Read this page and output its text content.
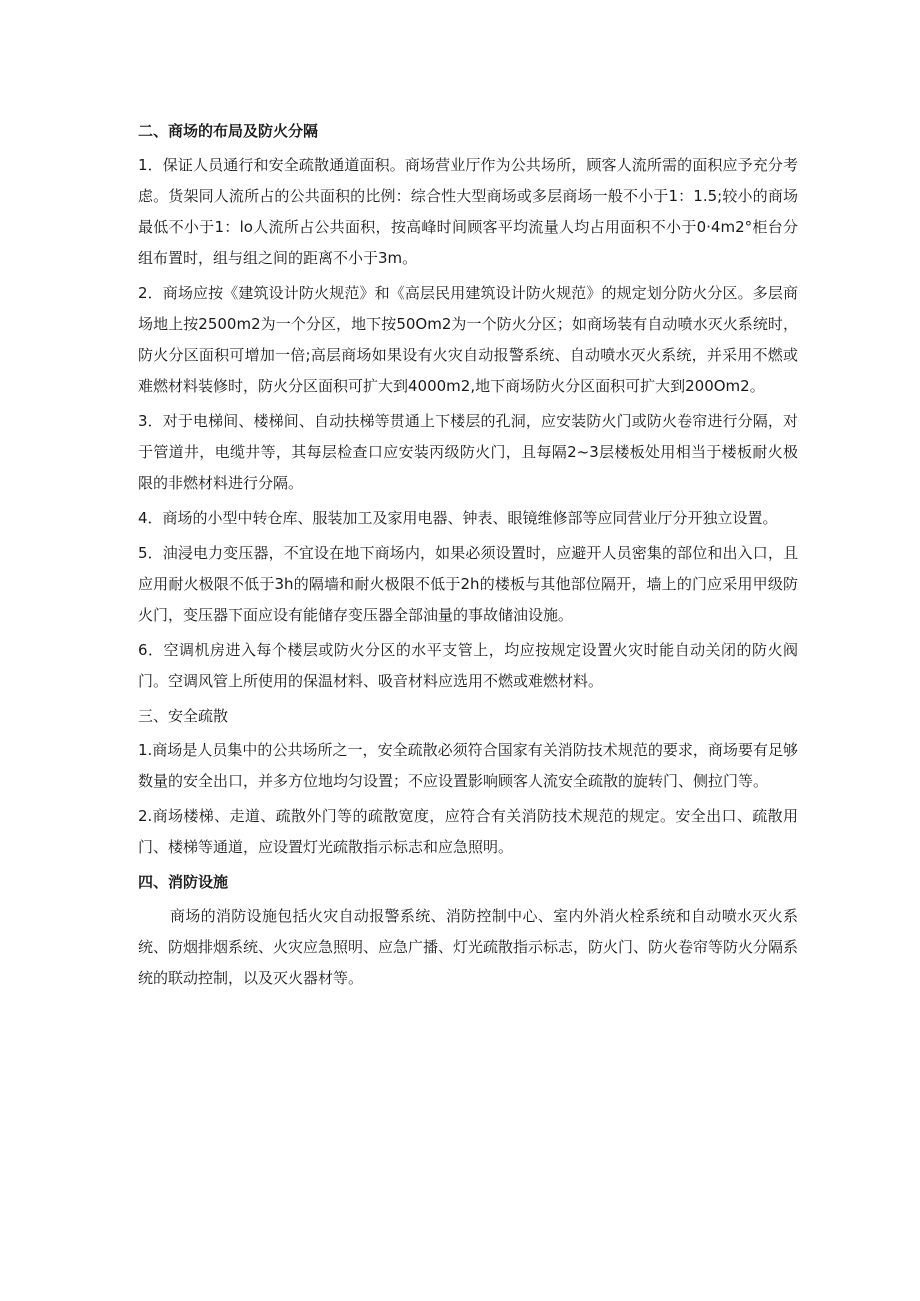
二、商场的布局及防火分隔

1．保证人员通行和安全疏散通道面积。商场营业厅作为公共场所，顾客人流所需的面积应予充分考虑。货架同人流所占的公共面积的比例：综合性大型商场或多层商场一般不小于1：1.5;较小的商场最低不小于1：lo人流所占公共面积，按高峰时间顾客平均流量人均占用面积不小于0·4m2°柜台分组布置时，组与组之间的距离不小于3m。

2．商场应按《建筑设计防火规范》和《高层民用建筑设计防火规范》的规定划分防火分区。多层商场地上按2500m2为一个分区，地下按50Om2为一个防火分区；如商场装有自动喷水灭火系统时，防火分区面积可增加一倍;高层商场如果设有火灾自动报警系统、自动喷水灭火系统，并采用不燃或难燃材料装修时，防火分区面积可扩大到4000m2,地下商场防火分区面积可扩大到200Om2。

3．对于电梯间、楼梯间、自动扶梯等贯通上下楼层的孔洞，应安装防火门或防火卷帘进行分隔，对于管道井，电缆井等，其每层检查口应安装丙级防火门，且每隔2~3层楼板处用相当于楼板耐火极限的非燃材料进行分隔。

4．商场的小型中转仓库、服装加工及家用电器、钟表、眼镜维修部等应同营业厅分开独立设置。

5．油浸电力变压器，不宜设在地下商场内，如果必须设置时，应避开人员密集的部位和出入口，且应用耐火极限不低于3h的隔墙和耐火极限不低于2h的楼板与其他部位隔开，墙上的门应采用甲级防火门，变压器下面应设有能储存变压器全部油量的事故储油设施。

6．空调机房进入每个楼层或防火分区的水平支管上，均应按规定设置火灾时能自动关闭的防火阀门。空调风管上所使用的保温材料、吸音材料应选用不燃或难燃材料。

三、安全疏散

1.商场是人员集中的公共场所之一，安全疏散必须符合国家有关消防技术规范的要求，商场要有足够数量的安全出口，并多方位地均匀设置；不应设置影响顾客人流安全疏散的旋转门、侧拉门等。

2.商场楼梯、走道、疏散外门等的疏散宽度，应符合有关消防技术规范的规定。安全出口、疏散用门、楼梯等通道，应设置灯光疏散指示标志和应急照明。

四、消防设施

商场的消防设施包括火灾自动报警系统、消防控制中心、室内外消火栓系统和自动喷水灭火系统、防烟排烟系统、火灾应急照明、应急广播、灯光疏散指示标志，防火门、防火卷帘等防火分隔系统的联动控制，以及灭火器材等。
